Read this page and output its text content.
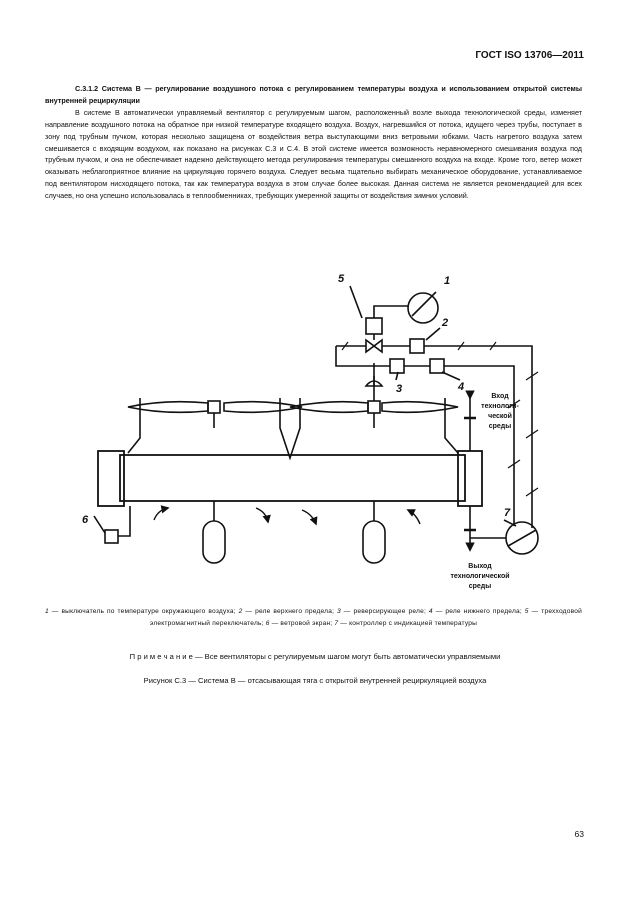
ГОСТ ISO 13706—2011

С.3.1.2 Система В — регулирование воздушного потока с регулированием температуры воздуха и использованием открытой системы внутренней рециркуляции

В системе В автоматически управляемый вентилятор с регулируемым шагом, расположенный возле выхода технологической среды, изменяет направление воздушного потока на обратное при низкой температуре входящего воздуха. Воздух, нагревшийся от потока, идущего через трубы, поступает в зону под трубным пучком, которая несколько защищена от воздействия ветра выступающими вниз ветровыми юбками. Часть нагретого воздуха затем смешивается с входящим воздухом, как показано на рисунках С.3 и С.4. В этой системе имеется возможность неравномерного смешивания воздуха под трубным пучком, и она не обеспечивает надежно действующего метода регулирования температуры смешанного воздуха на входе. Кроме того, ветер может оказывать неблагоприятное влияние на циркуляцию горячего воздуха. Следует весьма тщательно выбирать механическое оборудование, устанавливаемое под вентилятором нисходящего потока, так как температура воздуха в этом случае более высокая. Данная система не является рекомендацией для всех случаев, но она успешно использовалась в теплообменниках, требующих умеренной защиты от воздействия зимних условий.

5	1
2
3	4
6
7
Вход
технологи-
ческой
среды
Выход
технологической
среды
1 — выключатель по температуре окружающего воздуха; 2 — реле верхнего предела; 3 — реверсирующее реле; 4 — реле нижнего предела; 5 — трехходовой электромагнитный переключатель; 6 — ветровой экран; 7 — контроллер с индикацией температуры
П р и м е ч а н и е — Все вентиляторы с регулируемым шагом могут быть автоматически управляемыми
Рисунок С.3 — Система В — отсасывающая тяга с открытой внутренней рециркуляцией воздуха
63
